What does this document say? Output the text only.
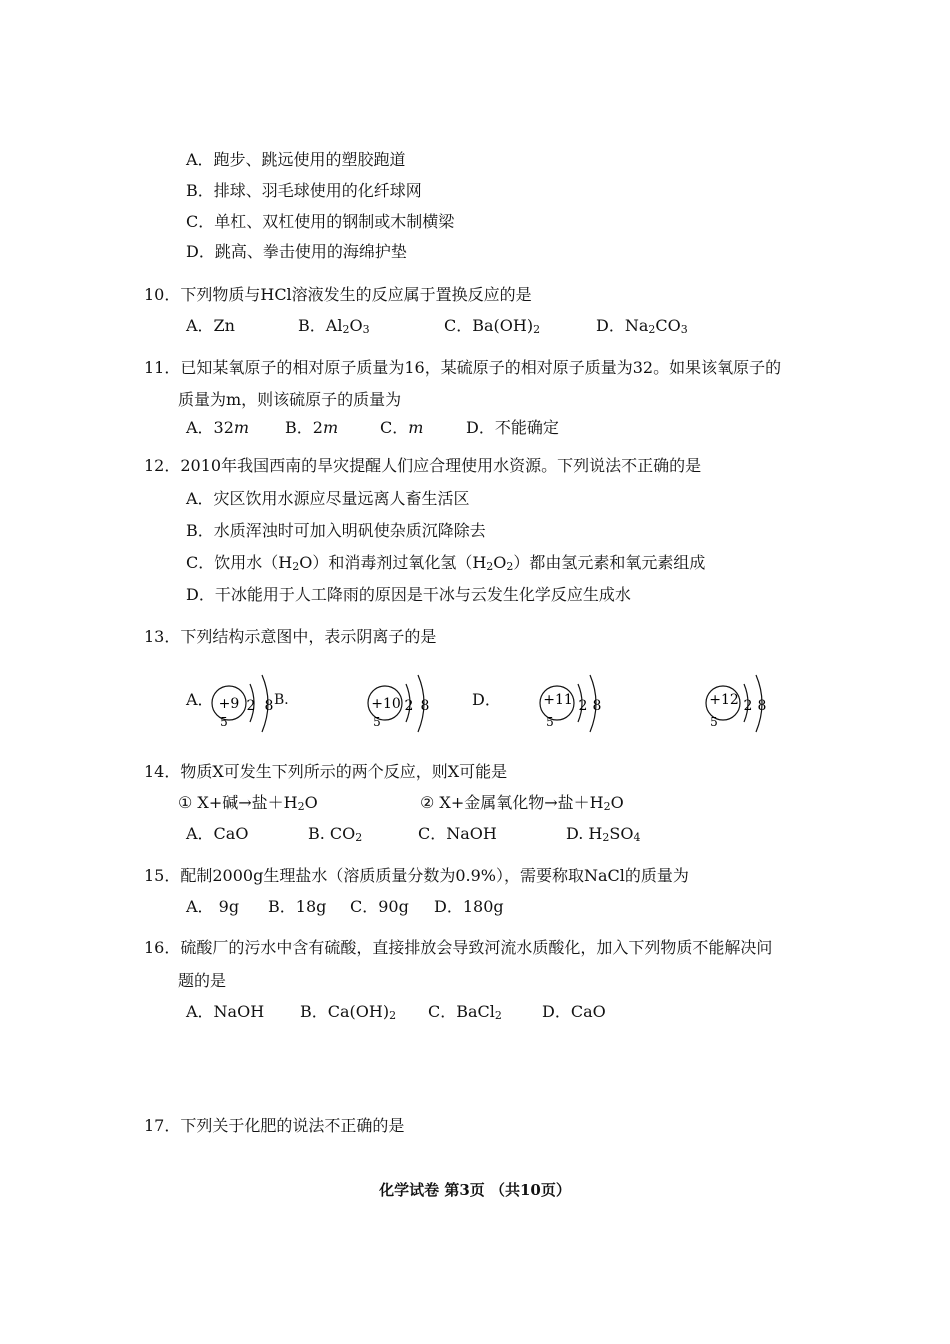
A．跑步、跳远使用的塑胶跑道
B．排球、羽毛球使用的化纤球网
C．单杠、双杠使用的钢制或木制横梁
D．跳高、拳击使用的海绵护垫
10．下列物质与HCl溶液发生的反应属于置换反应的是
A．Zn	B．$Al_2O_3$	C．$Ba(OH)_2$	D．$Na_2CO_3$
11．已知某氧原子的相对原子质量为16，某硫原子的相对原子质量为32。如果该氧原子的
质量为m，则该硫原子的质量为
A．32m B．2m	C．m	D．不能确定
12．2010年我国西南的旱灾提醒人们应合理使用水资源。下列说法不正确的是
A．灾区饮用水源应尽量远离人畜生活区
B．水质浑浊时可加入明矾使杂质沉降除去
C．饮用水$(H_2O)$和消毒剂过氧化氢$(H_2O_2)$都由氢元素和氧元素组成
D．干冰能用于人工降雨的原因是干冰与云发生化学反应生成水
13．下列结构示意图中，表示阴离子的是
A．	B．	D．
+9 2 8
5
+10 2 8
5
+11 2 8
5
+12 2 8
5
14．物质X可发生下列所示的两个反应，则X可能是
① X+碱→盐$+H_2O$	② X+金属氧化物→盐$+H_2O$
A．CaO	B. $CO_2$	C．NaOH	D. $H_2SO_4$
15．配制2000g生理盐水（溶质质量分数为0.9%），需要称取NaCl的质量为
A． 9g B．18g C．90g D．180g
16．硫酸厂的污水中含有硫酸，直接排放会导致河流水质酸化，加入下列物质不能解决问
题的是
A．NaOH B．$Ca(OH)_2$ C．BaCl$_2$	D．CaO
17．下列关于化肥的说法不正确的是
化学试卷 第3页 （共10页）
